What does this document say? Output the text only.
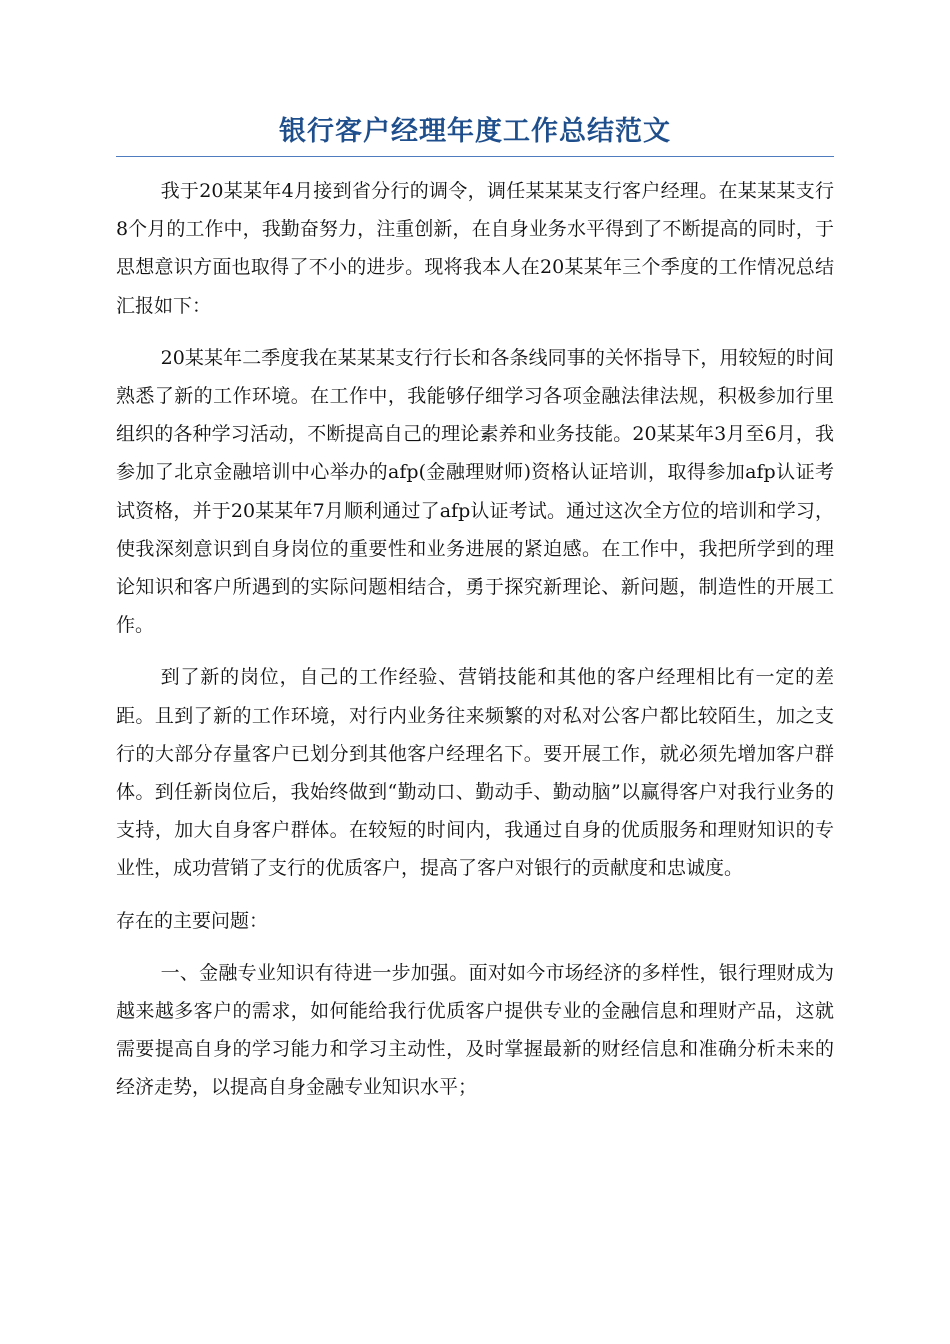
银行客户经理年度工作总结范文

我于20某某年4月接到省分行的调令，调任某某某支行客户经理。在某某某支行8个月的工作中，我勤奋努力，注重创新，在自身业务水平得到了不断提高的同时，于思想意识方面也取得了不小的进步。现将我本人在20某某年三个季度的工作情况总结汇报如下：

20某某年二季度我在某某某支行行长和各条线同事的关怀指导下，用较短的时间熟悉了新的工作环境。在工作中，我能够仔细学习各项金融法律法规，积极参加行里组织的各种学习活动，不断提高自己的理论素养和业务技能。20某某年3月至6月，我参加了北京金融培训中心举办的afp(金融理财师)资格认证培训，取得参加afp认证考试资格，并于20某某年7月顺利通过了afp认证考试。通过这次全方位的培训和学习，使我深刻意识到自身岗位的重要性和业务进展的紧迫感。在工作中，我把所学到的理论知识和客户所遇到的实际问题相结合，勇于探究新理论、新问题，制造性的开展工作。

到了新的岗位，自己的工作经验、营销技能和其他的客户经理相比有一定的差距。且到了新的工作环境，对行内业务往来频繁的对私对公客户都比较陌生，加之支行的大部分存量客户已划分到其他客户经理名下。要开展工作，就必须先增加客户群体。到任新岗位后，我始终做到“勤动口、勤动手、勤动脑”以赢得客户对我行业务的支持，加大自身客户群体。在较短的时间内，我通过自身的优质服务和理财知识的专业性，成功营销了支行的优质客户，提高了客户对银行的贡献度和忠诚度。

存在的主要问题：

一、金融专业知识有待进一步加强。面对如今市场经济的多样性，银行理财成为越来越多客户的需求，如何能给我行优质客户提供专业的金融信息和理财产品，这就需要提高自身的学习能力和学习主动性，及时掌握最新的财经信息和准确分析未来的经济走势，以提高自身金融专业知识水平；
